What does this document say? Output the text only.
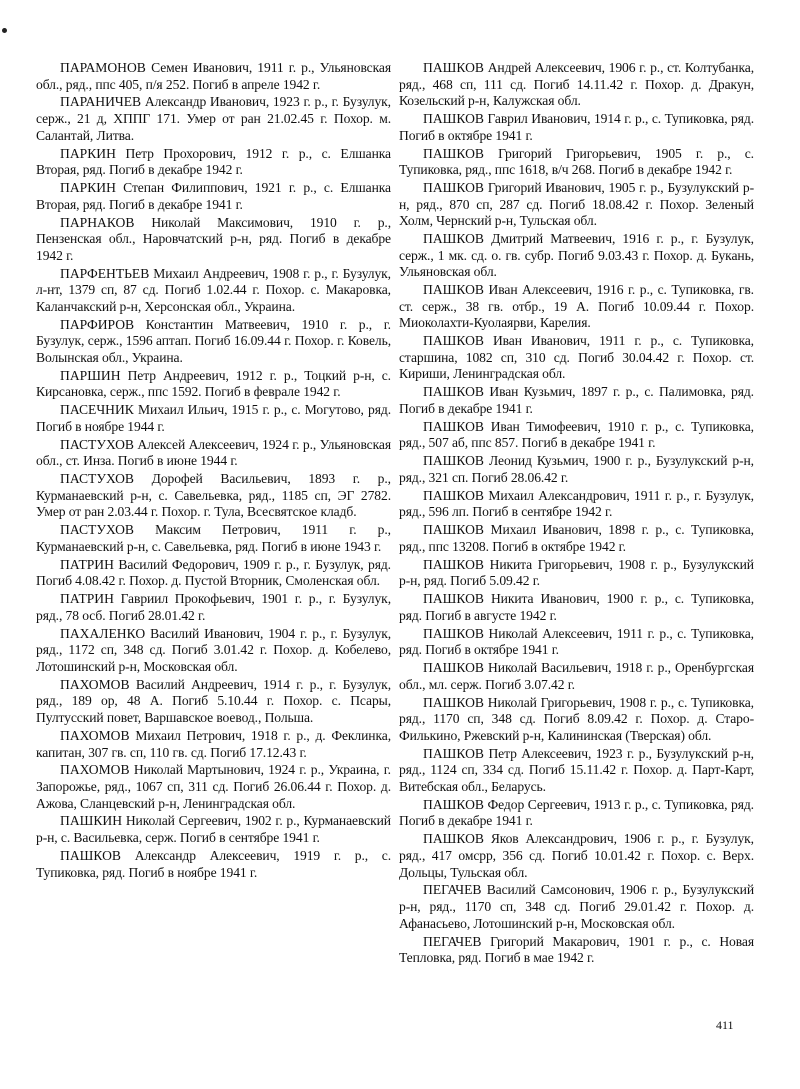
ПАРАМОНОВ Семен Иванович, 1911 г. р., Ульяновская обл., ряд., ппс 405, п/я 252. Погиб в апреле 1942 г.

ПАРАНИЧЕВ Александр Иванович, 1923 г. р., г. Бузулук, серж., 21 д, ХППГ 171. Умер от ран 21.02.45 г. Похор. м. Салантай, Литва.

ПАРКИН Петр Прохорович, 1912 г. р., с. Елшанка Вторая, ряд. Погиб в декабре 1942 г.

ПАРКИН Степан Филиппович, 1921 г. р., с. Елшанка Вторая, ряд. Погиб в декабре 1941 г.

ПАРНАКОВ Николай Максимович, 1910 г. р., Пензенская обл., Наровчатский р-н, ряд. Погиб в декабре 1942 г.

ПАРФЕНТЬЕВ Михаил Андреевич, 1908 г. р., г. Бузулук, л-нт, 1379 сп, 87 сд. Погиб 1.02.44 г. Похор. с. Макаровка, Каланчакский р-н, Херсонская обл., Украина.

ПАРФИРОВ Константин Матвеевич, 1910 г. р., г. Бузулук, серж., 1596 аптап. Погиб 16.09.44 г. Похор. г. Ковель, Волынская обл., Украина.

ПАРШИН Петр Андреевич, 1912 г. р., Тоцкий р-н, с. Кирсановка, серж., ппс 1592. Погиб в феврале 1942 г.

ПАСЕЧНИК Михаил Ильич, 1915 г. р., с. Могутово, ряд. Погиб в ноябре 1944 г.

ПАСТУХОВ Алексей Алексеевич, 1924 г. р., Ульяновская обл., ст. Инза. Погиб в июне 1944 г.

ПАСТУХОВ Дорофей Васильевич, 1893 г. р., Курманаевский р-н, с. Савельевка, ряд., 1185 сп, ЭГ 2782. Умер от ран 2.03.44 г. Похор. г. Тула, Всесвятское кладб.

ПАСТУХОВ Максим Петрович, 1911 г. р., Курманаевский р-н, с. Савельевка, ряд. Погиб в июне 1943 г.

ПАТРИН Василий Федорович, 1909 г. р., г. Бузулук, ряд. Погиб 4.08.42 г. Похор. д. Пустой Вторник, Смоленская обл.

ПАТРИН Гавриил Прокофьевич, 1901 г. р., г. Бузулук, ряд., 78 осб. Погиб 28.01.42 г.

ПАХАЛЕНКО Василий Иванович, 1904 г. р., г. Бузулук, ряд., 1172 сп, 348 сд. Погиб 3.01.42 г. Похор. д. Кобелево, Лотошинский р-н, Московская обл.

ПАХОМОВ Василий Андреевич, 1914 г. р., г. Бузулук, ряд., 189 ор, 48 А. Погиб 5.10.44 г. Похор. с. Псары, Пултусский повет, Варшавское воевод., Польша.

ПАХОМОВ Михаил Петрович, 1918 г. р., д. Феклинка, капитан, 307 гв. сп, 110 гв. сд. Погиб 17.12.43 г.

ПАХОМОВ Николай Мартынович, 1924 г. р., Украина, г. Запорожье, ряд., 1067 сп, 311 сд. Погиб 26.06.44 г. Похор. д. Ажова, Сланцевский р-н, Ленинградская обл.

ПАШКИН Николай Сергеевич, 1902 г. р., Курманаевский р-н, с. Васильевка, серж. Погиб в сентябре 1941 г.

ПАШКОВ Александр Алексеевич, 1919 г. р., с. Тупиковка, ряд. Погиб в ноябре 1941 г.

ПАШКОВ Андрей Алексеевич, 1906 г. р., ст. Колтубанка, ряд., 468 сп, 111 сд. Погиб 14.11.42 г. Похор. д. Дракун, Козельский р-н, Калужская обл.

ПАШКОВ Гаврил Иванович, 1914 г. р., с. Тупиковка, ряд. Погиб в октябре 1941 г.

ПАШКОВ Григорий Григорьевич, 1905 г. р., с. Тупиковка, ряд., ппс 1618, в/ч 268. Погиб в декабре 1942 г.

ПАШКОВ Григорий Иванович, 1905 г. р., Бузулукский р-н, ряд., 870 сп, 287 сд. Погиб 18.08.42 г. Похор. Зеленый Холм, Чернский р-н, Тульская обл.

ПАШКОВ Дмитрий Матвеевич, 1916 г. р., г. Бузулук, серж., 1 мк. сд. о. гв. субр. Погиб 9.03.43 г. Похор. д. Букань, Ульяновская обл.

ПАШКОВ Иван Алексеевич, 1916 г. р., с. Тупиковка, гв. ст. серж., 38 гв. отбр., 19 А. Погиб 10.09.44 г. Похор. Миоколахти-Куолаярви, Карелия.

ПАШКОВ Иван Иванович, 1911 г. р., с. Тупиковка, старшина, 1082 сп, 310 сд. Погиб 30.04.42 г. Похор. ст. Кириши, Ленинградская обл.

ПАШКОВ Иван Кузьмич, 1897 г. р., с. Палимовка, ряд. Погиб в декабре 1941 г.

ПАШКОВ Иван Тимофеевич, 1910 г. р., с. Тупиковка, ряд., 507 аб, ппс 857. Погиб в декабре 1941 г.

ПАШКОВ Леонид Кузьмич, 1900 г. р., Бузулукский р-н, ряд., 321 сп. Погиб 28.06.42 г.

ПАШКОВ Михаил Александрович, 1911 г. р., г. Бузулук, ряд., 596 лп. Погиб в сентябре 1942 г.

ПАШКОВ Михаил Иванович, 1898 г. р., с. Тупиковка, ряд., ппс 13208. Погиб в октябре 1942 г.

ПАШКОВ Никита Григорьевич, 1908 г. р., Бузулукский р-н, ряд. Погиб 5.09.42 г.

ПАШКОВ Никита Иванович, 1900 г. р., с. Тупиковка, ряд. Погиб в августе 1942 г.

ПАШКОВ Николай Алексеевич, 1911 г. р., с. Тупиковка, ряд. Погиб в октябре 1941 г.

ПАШКОВ Николай Васильевич, 1918 г. р., Оренбургская обл., мл. серж. Погиб 3.07.42 г.

ПАШКОВ Николай Григорьевич, 1908 г. р., с. Тупиковка, ряд., 1170 сп, 348 сд. Погиб 8.09.42 г. Похор. д. Старо-Филькино, Ржевский р-н, Калининская (Тверская) обл.

ПАШКОВ Петр Алексеевич, 1923 г. р., Бузулукский р-н, ряд., 1124 сп, 334 сд. Погиб 15.11.42 г. Похор. д. Парт-Карт, Витебская обл., Беларусь.

ПАШКОВ Федор Сергеевич, 1913 г. р., с. Тупиковка, ряд. Погиб в декабре 1941 г.

ПАШКОВ Яков Александрович, 1906 г. р., г. Бузулук, ряд., 417 омсрр, 356 сд. Погиб 10.01.42 г. Похор. с. Верх. Дольцы, Тульская обл.

ПЕГАЧЕВ Василий Самсонович, 1906 г. р., Бузулукский р-н, ряд., 1170 сп, 348 сд. Погиб 29.01.42 г. Похор. д. Афанасьево, Лотошинский р-н, Московская обл.

ПЕГАЧЕВ Григорий Макарович, 1901 г. р., с. Новая Тепловка, ряд. Погиб в мае 1942 г.

411
